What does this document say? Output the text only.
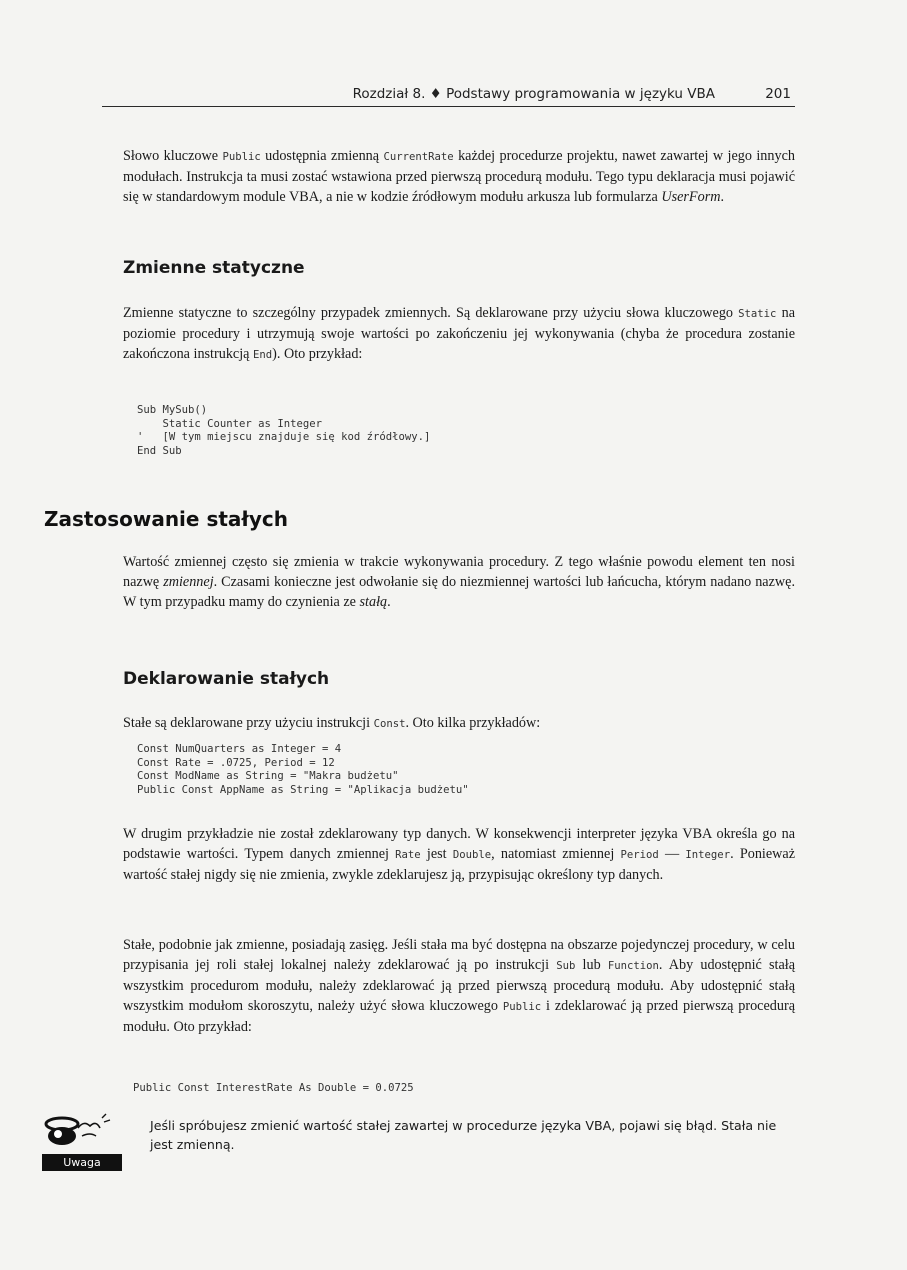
Rozdział 8. ♦ Podstawy programowania w języku VBA	201

Słowo kluczowe Public udostępnia zmienną CurrentRate każdej procedurze projektu, nawet zawartej w jego innych modułach. Instrukcja ta musi zostać wstawiona przed pierwszą procedurą modułu. Tego typu deklaracja musi pojawić się w standardowym module VBA, a nie w kodzie źródłowym modułu arkusza lub formularza UserForm.

Zmienne statyczne

Zmienne statyczne to szczególny przypadek zmiennych. Są deklarowane przy użyciu słowa kluczowego Static na poziomie procedury i utrzymują swoje wartości po zakończeniu jej wykonywania (chyba że procedura zostanie zakończona instrukcją End). Oto przykład:

Sub MySub()
Static Counter as Integer
'   [W tym miejscu znajduje się kod źródłowy.]
End Sub
Zastosowanie stałych

Wartość zmiennej często się zmienia w trakcie wykonywania procedury. Z tego właśnie powodu element ten nosi nazwę zmiennej. Czasami konieczne jest odwołanie się do niezmiennej wartości lub łańcucha, którym nadano nazwę. W tym przypadku mamy do czynienia ze stałą.

Deklarowanie stałych

Stałe są deklarowane przy użyciu instrukcji Const. Oto kilka przykładów:

Const NumQuarters as Integer = 4
Const Rate = .0725, Period = 12
Const ModName as String = "Makra budżetu"
Public Const AppName as String = "Aplikacja budżetu"

W drugim przykładzie nie został zdeklarowany typ danych. W konsekwencji interpreter języka VBA określa go na podstawie wartości. Typem danych zmiennej Rate jest Double, natomiast zmiennej Period — Integer. Ponieważ wartość stałej nigdy się nie zmienia, zwykle zdeklarujesz ją, przypisując określony typ danych.

Stałe, podobnie jak zmienne, posiadają zasięg. Jeśli stała ma być dostępna na obszarze pojedynczej procedury, w celu przypisania jej roli stałej lokalnej należy zdeklarować ją po instrukcji Sub lub Function. Aby udostępnić stałą wszystkim procedurom modułu, należy zdeklarować ją przed pierwszą procedurą modułu. Aby udostępnić stałą wszystkim modułom skoroszytu, należy użyć słowa kluczowego Public i zdeklarować ją przed pierwszą procedurą modułu. Oto przykład:

Public Const InterestRate As Double = 0.0725
Uwaga
Jeśli spróbujesz zmienić wartość stałej zawartej w procedurze języka VBA, pojawi się błąd. Stała nie jest zmienną.
